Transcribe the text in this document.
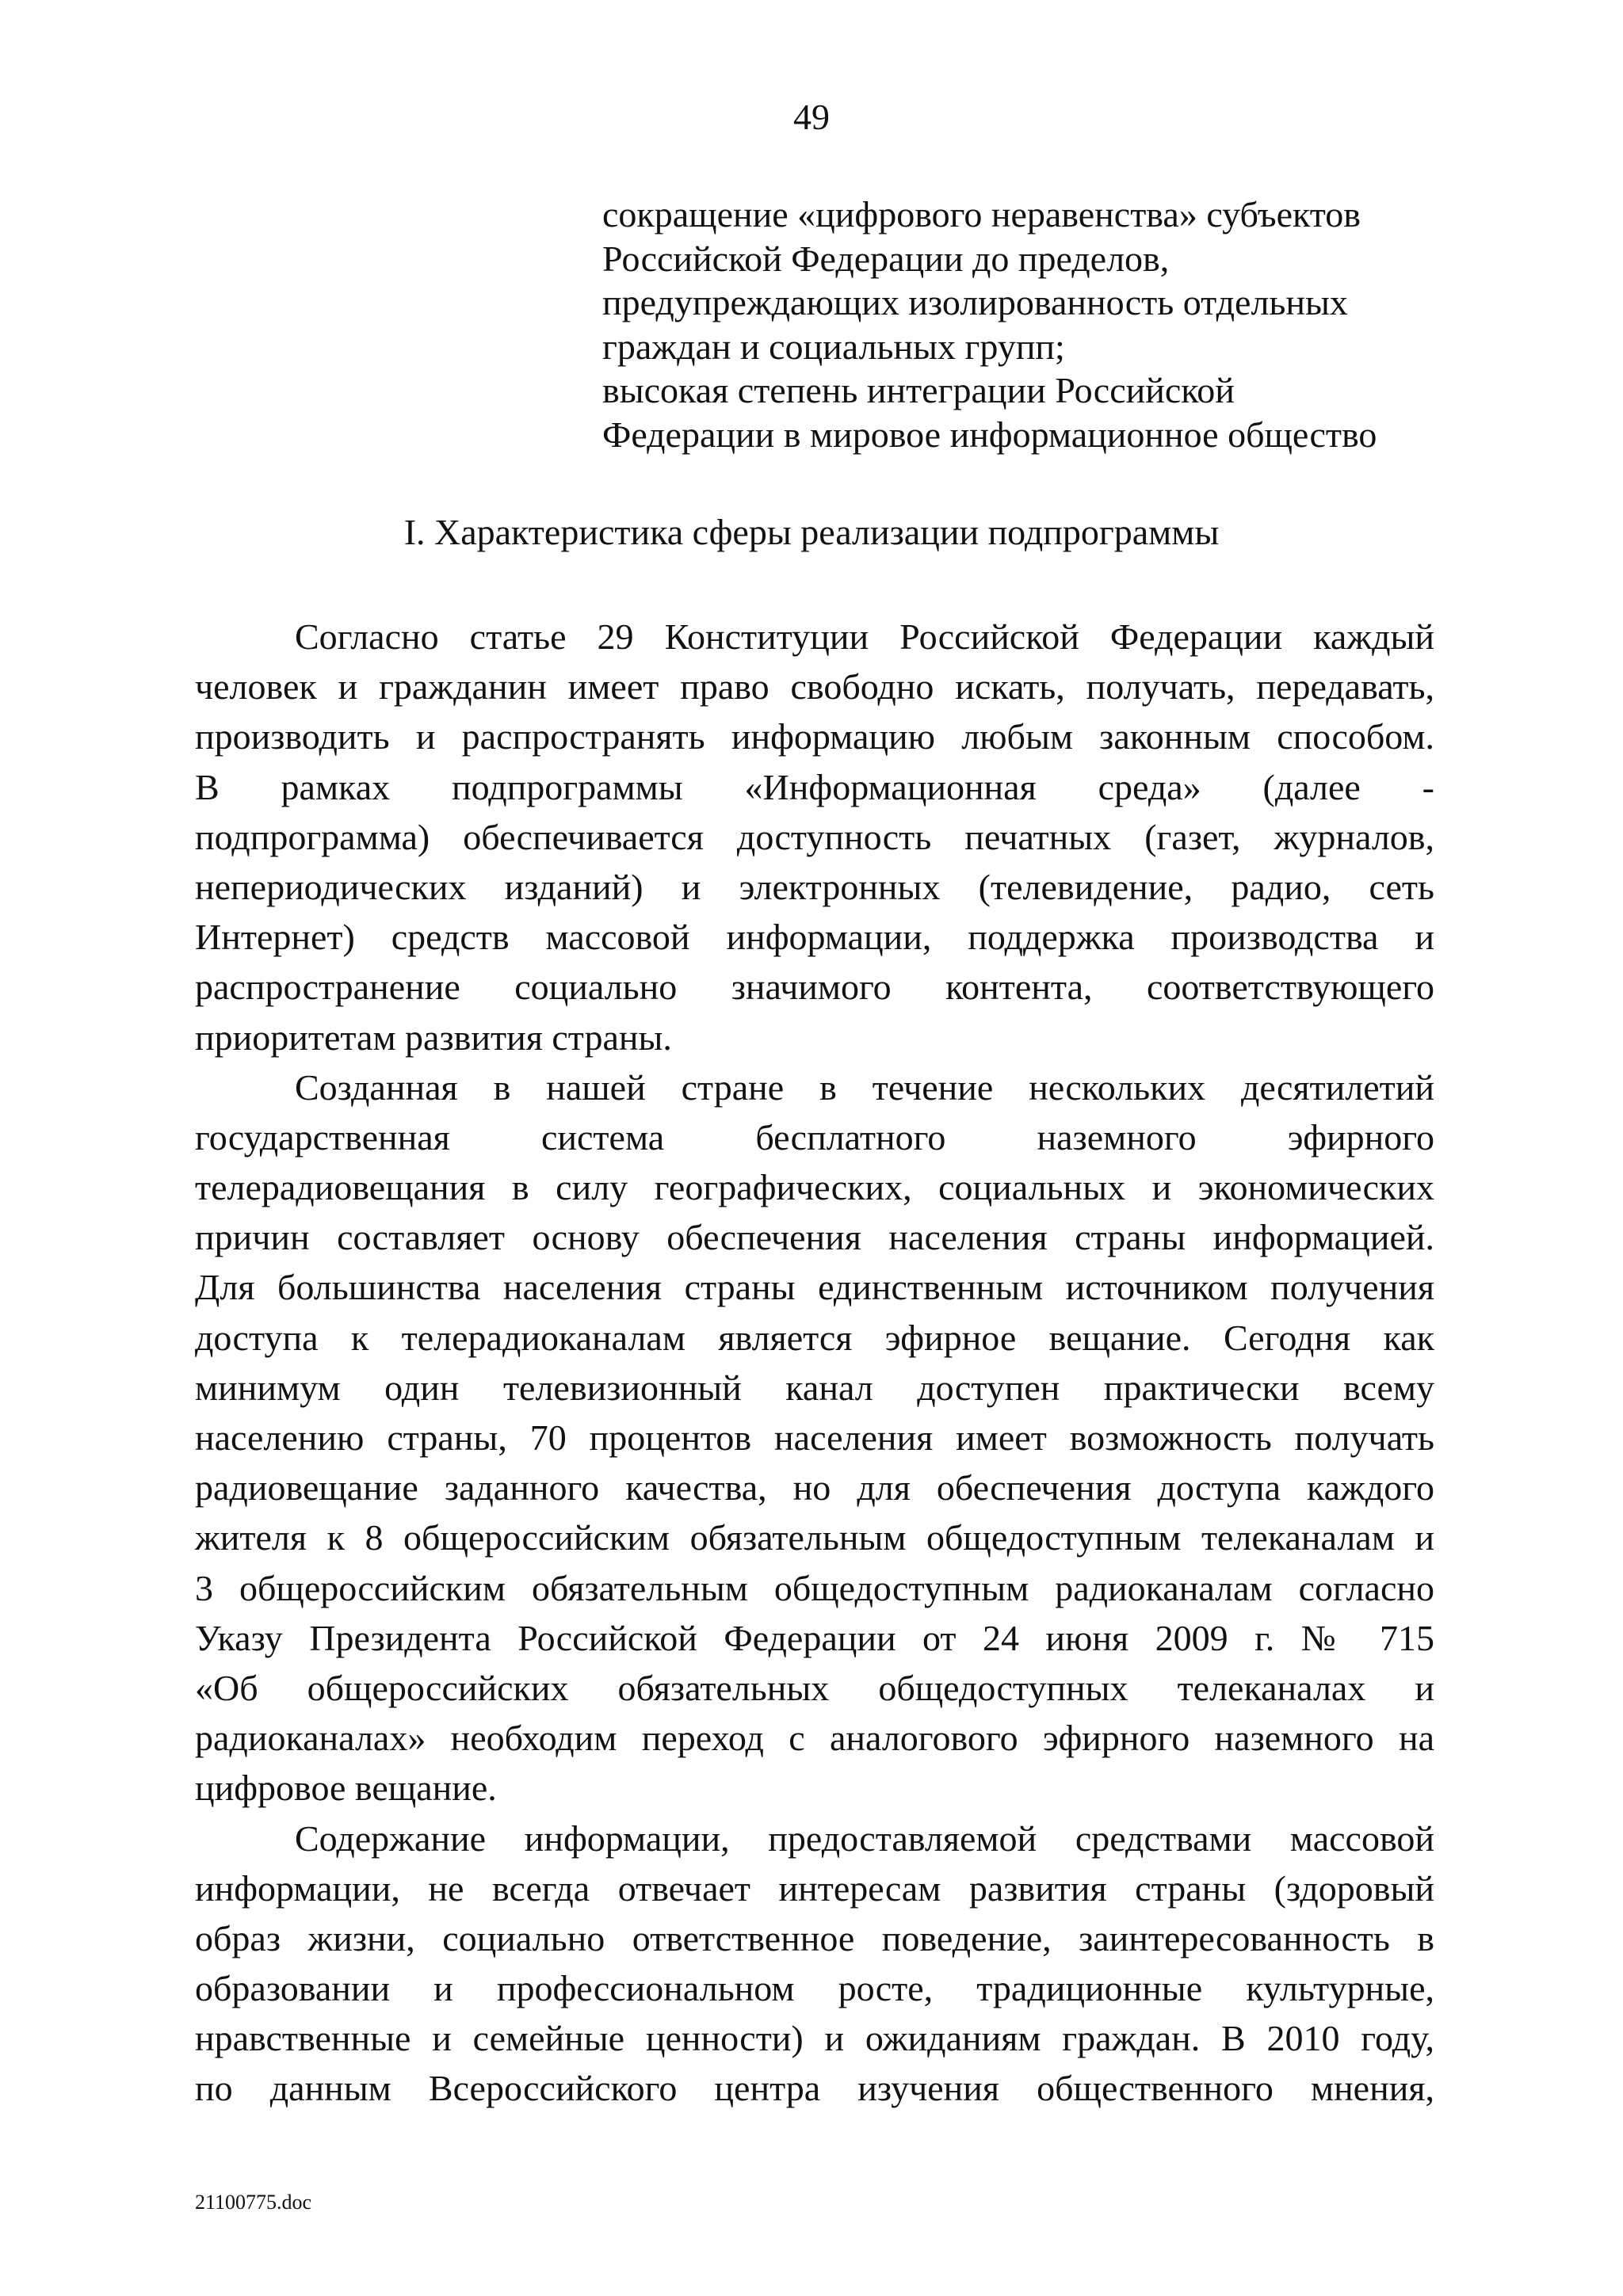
49
сокращение «цифрового неравенства» субъектов
Российской Федерации до пределов,
предупреждающих изолированность отдельных
граждан и социальных групп;
высокая степень интеграции Российской
Федерации в мировое информационное общество
I. Характеристика сферы реализации подпрограммы
Согласно статье 29 Конституции Российской Федерации каждый
человек и гражданин имеет право свободно искать, получать, передавать,
производить и распространять информацию любым законным способом.
В рамках подпрограммы «Информационная среда» (далее -
подпрограмма) обеспечивается доступность печатных (газет, журналов,
непериодических изданий) и электронных (телевидение, радио, сеть
Интернет) средств массовой информации, поддержка производства и
распространение социально значимого контента, соответствующего
приоритетам развития страны.
Созданная в нашей стране в течение нескольких десятилетий
государственная система бесплатного наземного эфирного
телерадиовещания в силу географических, социальных и экономических
причин составляет основу обеспечения населения страны информацией.
Для большинства населения страны единственным источником получения
доступа к телерадиоканалам является эфирное вещание. Сегодня как
минимум один телевизионный канал доступен практически всему
населению страны, 70 процентов населения имеет возможность получать
радиовещание заданного качества, но для обеспечения доступа каждого
жителя к 8 общероссийским обязательным общедоступным телеканалам и
3 общероссийским обязательным общедоступным радиоканалам согласно
Указу Президента Российской Федерации от 24 июня 2009 г. № 715
«Об общероссийских обязательных общедоступных телеканалах и
радиоканалах» необходим переход с аналогового эфирного наземного на
цифровое вещание.
Содержание информации, предоставляемой средствами массовой
информации, не всегда отвечает интересам развития страны (здоровый
образ жизни, социально ответственное поведение, заинтересованность в
образовании и профессиональном росте, традиционные культурные,
нравственные и семейные ценности) и ожиданиям граждан. В 2010 году,
по данным Всероссийского центра изучения общественного мнения,
21100775.doc
